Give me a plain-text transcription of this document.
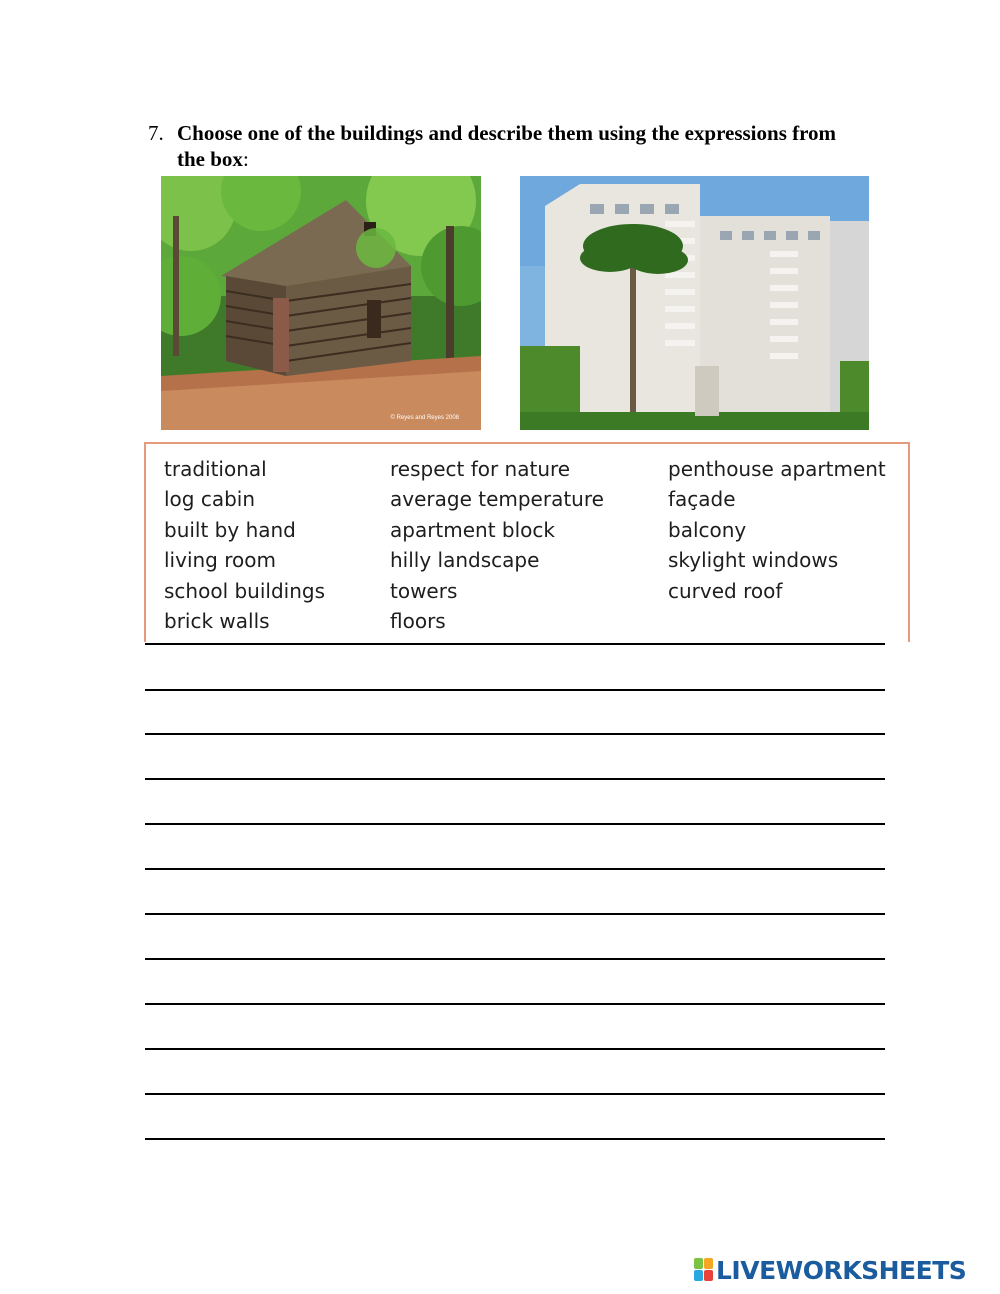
7. Choose one of the buildings and describe them using the expressions from the box:
© Reyes and Reyes 2008
traditional
log cabin
built by hand
living room
school buildings
brick walls
respect for nature
average temperature
apartment block
hilly landscape
towers
floors
penthouse apartment
façade
balcony
skylight windows
curved roof
LIVEWORKSHEETS
